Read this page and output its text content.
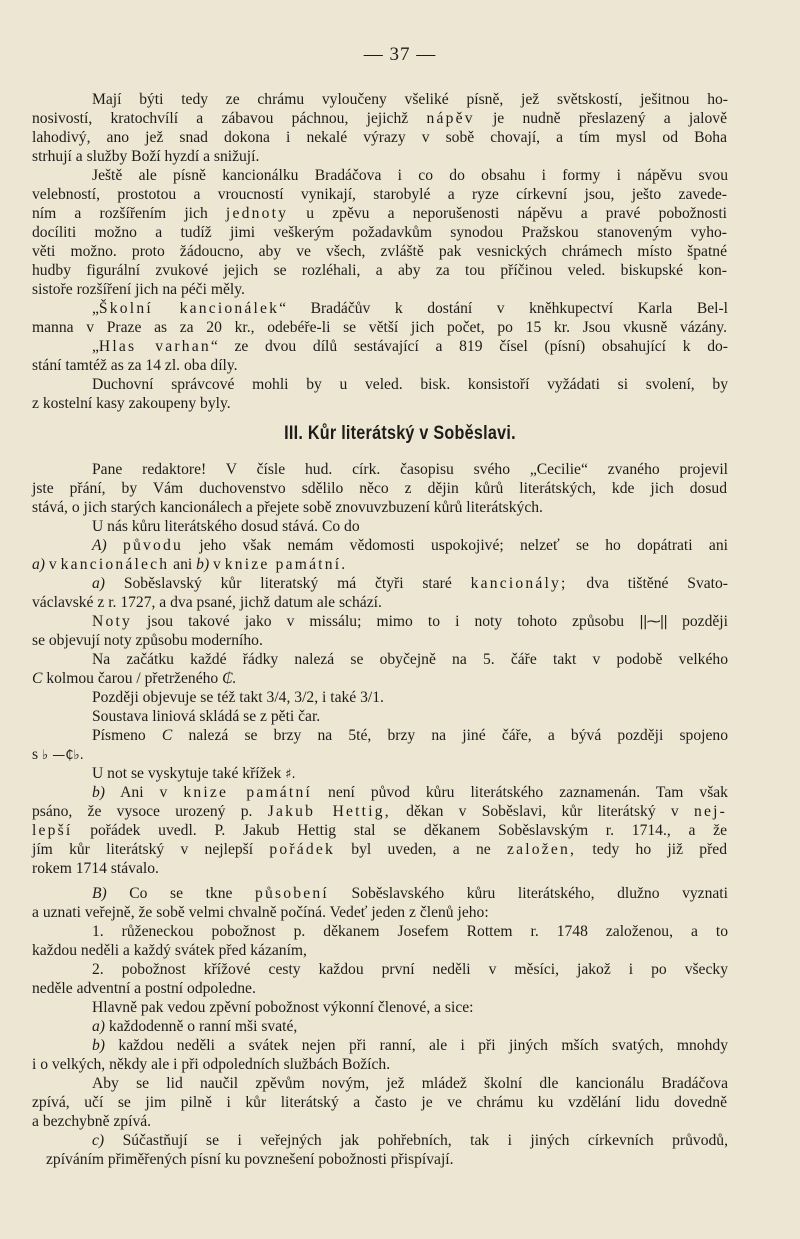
— 37 —
Mají býti tedy ze chrámu vyloučeny všeliké písně, jež světskostí, ješitnou ho-
nosivostí, kratochvílí a zábavou páchnou, jejichž nápěv je nudně přeslazený a jalově
lahodivý, ano jež snad dokona i nekalé výrazy v sobě chovají, a tím mysl od Boha
strhují a služby Boží hyzdí a snižují.
Ještě ale písně kancionálku Bradáčova i co do obsahu i formy i nápěvu svou
velebností, prostotou a vroucností vynikají, starobylé a ryze církevní jsou, ješto zavede-
ním a rozšířením jich jednoty u zpěvu a neporušenosti nápěvu a pravé pobožnosti
docíliti možno a tudíž jimi veškerým požadavkům synodou Pražskou stanoveným vyho-
věti možno. proto žádoucno, aby ve všech, zvláště pak vesnických chrámech místo špatné
hudby figurální zvukové jejich se rozléhali, a aby za tou příčinou veled. biskupské kon-
sistoře rozšíření jich na péči měly.
„Školní kancionálek“ Bradáčův k dostání v kněhkupectví Karla Bel-l
manna v Praze as za 20 kr., odebéře-li se větší jich počet, po 15 kr. Jsou vkusně vázány.
„Hlas varhan“ ze dvou dílů sestávající a 819 čísel (písní) obsahující k do-
stání tamtéž as za 14 zl. oba díly.
Duchovní správcové mohli by u veled. bisk. konsistoří vyžádati si svolení, by
z kostelní kasy zakoupeny byly.
III. Kůr literátský v Soběslavi.
Pane redaktore! V čísle hud. círk. časopisu svého „Cecilie“ zvaného projevil
jste přání, by Vám duchovenstvo sdělilo něco z dějin kůrů literátských, kde jich dosud
stává, o jich starých kancionálech a přejete sobě znovuvzbuzení kůrů literátských.
U nás kůru literátského dosud stává. Co do
A) původu jeho však nemám vědomosti uspokojivé; nelzeť se ho dopátrati ani
a) v kancionálech ani b) v knize památní.
a) Soběslavský kůr literatský má čtyři staré kancionály; dva tištěné Svato-
václavské z r. 1727, a dva psané, jichž datum ale schází.
Noty jsou takové jako v missálu; mimo to i noty tohoto způsobu ||⁓|| později
se objevují noty způsobu moderního.
Na začátku každé řádky nalezá se obyčejně na 5. čáře takt v podobě velkého
C kolmou čarou / přetrženého ₵.
Později objevuje se též takt 3/4, 3/2, i také 3/1.
Soustava liniová skládá se z pěti čar.
Písmeno C nalezá se brzy na 5té, brzy na jiné čáře, a bývá později spojeno
s ♭ —₵♭.
U not se vyskytuje také křížek ♯.
b) Ani v knize památní není původ kůru literátského zaznamenán. Tam však
psáno, že vysoce urozený p. Jakub Hettig, děkan v Soběslavi, kůr literátský v nej-
lepší pořádek uvedl. P. Jakub Hettig stal se děkanem Soběslavským r. 1714., a že
jím kůr literátský v nejlepší pořádek byl uveden, a ne založen, tedy ho již před
rokem 1714 stávalo.
B) Co se tkne působení Soběslavského kůru literátského, dlužno vyznati
a uznati veřejně, že sobě velmi chvalně počíná. Vedeť jeden z členů jeho:
1. růženeckou pobožnost p. děkanem Josefem Rottem r. 1748 založenou, a to
každou neděli a každý svátek před kázaním,
2. pobožnost křížové cesty každou první neděli v měsíci, jakož i po všecky
neděle adventní a postní odpoledne.
Hlavně pak vedou zpěvní pobožnost výkonní členové, a sice:
a) každodenně o ranní mši svaté,
b) každou neděli a svátek nejen při ranní, ale i při jiných mších svatých, mnohdy
i o velkých, někdy ale i při odpoledních službách Božích.
Aby se lid naučil zpěvům novým, jež mládež školní dle kancionálu Bradáčova
zpívá, učí se jim pilně i kůr literátský a často je ve chrámu ku vzdělání lidu dovedně
a bezchybně zpívá.
c) Súčastňují se i veřejných jak pohřebních, tak i jiných církevních průvodů,
zpíváním přiměřených písní ku povznešení pobožnosti přispívají.
